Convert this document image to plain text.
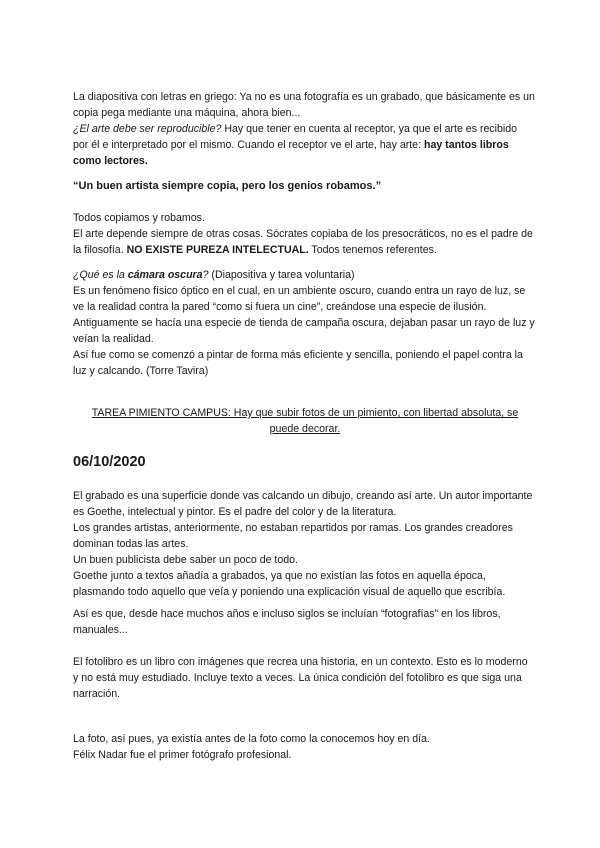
La diapositiva con letras en griego: Ya no es una fotografía es un grabado, que básicamente es un copia pega mediante una máquina, ahora bien...

¿El arte debe ser reproducible? Hay que tener en cuenta al receptor, ya que el arte es recibido por él e interpretado por el mismo. Cuando el receptor ve el arte, hay arte: hay tantos libros como lectores.

“Un buen artista siempre copia, pero los genios robamos.”

Todos copiamos y robamos.
El arte depende siempre de otras cosas. Sócrates copiaba de los presocráticos, no es el padre de la filosofía. NO EXISTE PUREZA INTELECTUAL. Todos tenemos referentes.

¿Qué es la cámara oscura? (Diapositiva y tarea voluntaria)
Es un fenómeno físico óptico en el cual, en un ambiente oscuro, cuando entra un rayo de luz, se ve la realidad contra la pared “como si fuera un cine”, creándose una especie de ilusión.
Antiguamente se hacía una especie de tienda de campaña oscura, dejaban pasar un rayo de luz y veían la realidad.
Así fue como se comenzó a pintar de forma más eficiente y sencilla, poniendo el papel contra la luz y calcando. (Torre Tavira)

TAREA PIMIENTO CAMPUS: Hay que subir fotos de un pimiento, con libertad absoluta, se puede decorar.

06/10/2020

El grabado es una superficie donde vas calcando un dibujo, creando así arte. Un autor importante es Goethe, intelectual y pintor. Es el padre del color y de la literatura.
Los grandes artistas, anteriormente, no estaban repartidos por ramas. Los grandes creadores dominan todas las artes.
Un buen publicista debe saber un poco de todo.
Goethe junto a textos añadía a grabados, ya que no existían las fotos en aquella época, plasmando todo aquello que veía y poniendo una explicación visual de aquello que escribía.

Así es que, desde hace muchos años e incluso siglos se incluían “fotografías” en los libros, manuales...

El fotolibro es un libro con imágenes que recrea una historia, en un contexto. Esto es lo moderno y no está muy estudiado. Incluye texto a veces. La única condición del fotolibro es que siga una narración.

La foto, así pues, ya existía antes de la foto como la conocemos hoy en día.
Félix Nadar fue el primer fotógrafo profesional.
